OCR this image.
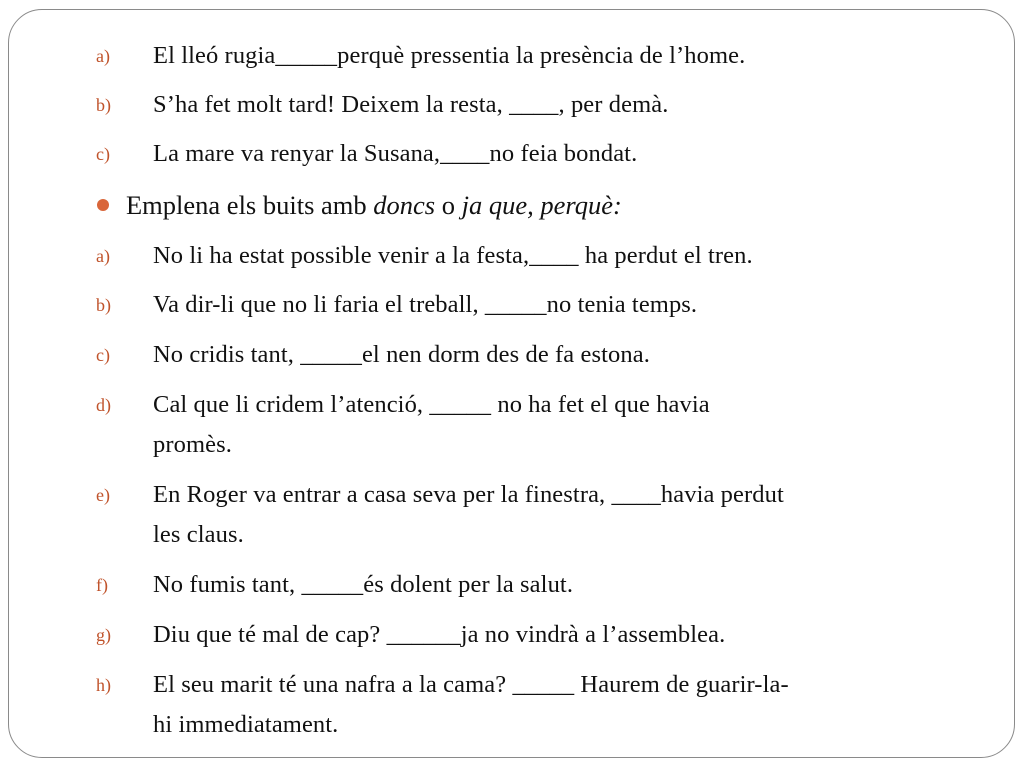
a) El lleó rugia_____perquè pressentia la presència de l’home.
b) S’ha fet molt tard! Deixem la resta, ____, per demà.
c) La mare va renyar la Susana,____no feia bondat.
Emplena els buits amb doncs o ja que, perquè:
a) No li ha estat possible venir a la festa,____ ha perdut el tren.
b) Va dir-li que no li faria el treball, _____no tenia temps.
c) No cridis tant, _____el nen dorm des de fa estona.
d) Cal que li cridem l’atenció, _____ no ha fet el que havia
promès.
e) En Roger va entrar a casa seva per la finestra, ____havia perdut
les claus.
f) No fumis tant, _____és dolent per la salut.
g) Diu que té mal de cap? ______ja no vindrà a l’assemblea.
h) El seu marit té una nafra a la cama? _____ Haurem de guarir-la-
hi immediatament.
